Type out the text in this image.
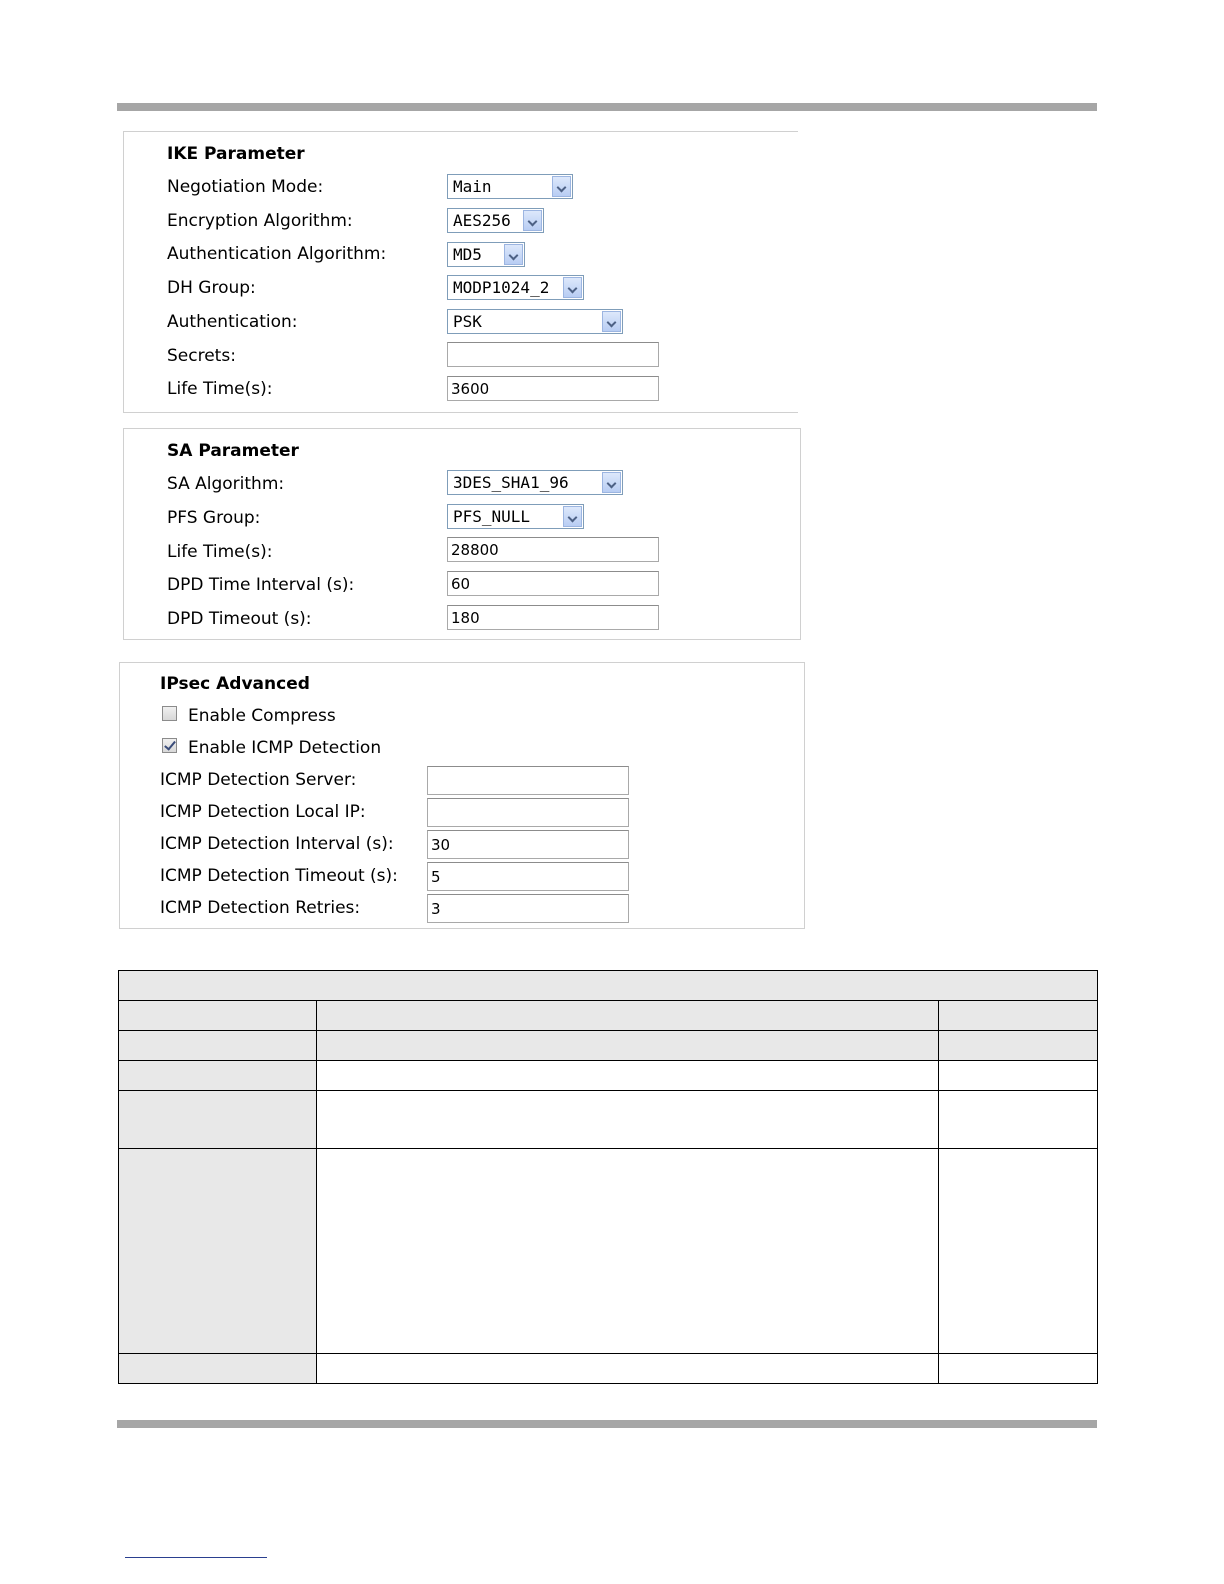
IKE Parameter
Negotiation Mode:	Main
Encryption Algorithm:	AES256
Authentication Algorithm:	MD5
DH Group:	MODP1024_2
Authentication:	PSK
Secrets:
Life Time(s):
3600
SA Parameter
SA Algorithm:	3DES_SHA1_96
PFS Group:	PFS_NULL
Life Time(s):
28800
DPD Time Interval (s):
60
DPD Timeout (s):
180
IPsec Advanced
Enable Compress
Enable ICMP Detection
ICMP Detection Server:
ICMP Detection Local IP:
ICMP Detection Interval (s):
30
ICMP Detection Timeout (s):
5
ICMP Detection Retries:
3
